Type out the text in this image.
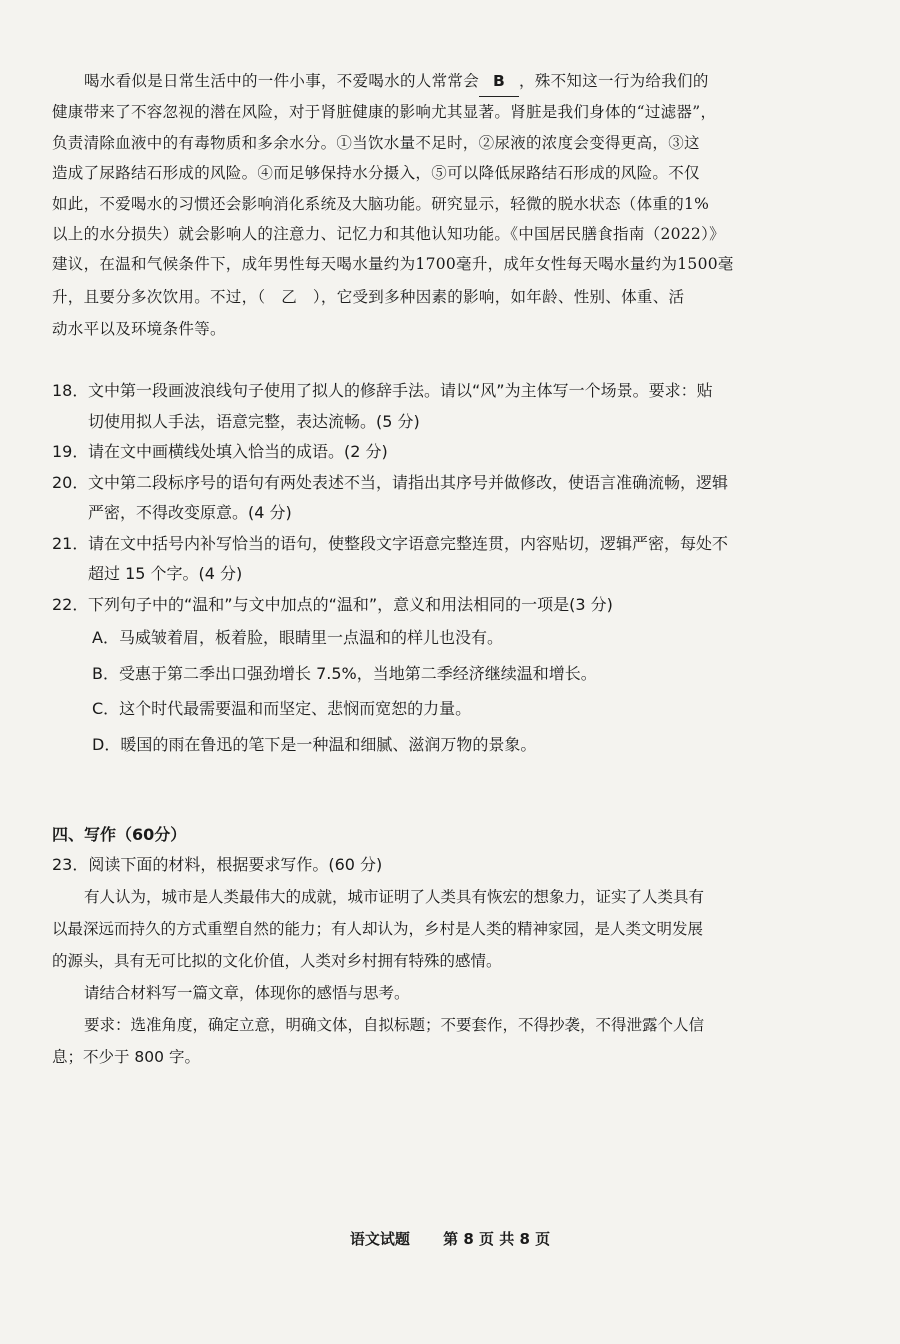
喝水看似是日常生活中的一件小事，不爱喝水的人常常会 B ，殊不知这一行为给我们的
健康带来了不容忽视的潜在风险，对于肾脏健康的影响尤其显著。肾脏是我们身体的“过滤器”，
负责清除血液中的有毒物质和多余水分。①当饮水量不足时，②尿液的浓度会变得更高，③这
造成了尿路结石形成的风险。④而足够保持水分摄入，⑤可以降低尿路结石形成的风险。不仅
如此，不爱喝水的习惯还会影响消化系统及大脑功能。研究显示，轻微的脱水状态（体重的1%
以上的水分损失）就会影响人的注意力、记忆力和其他认知功能。《中国居民膳食指南（2022）》
建议，在温和气候条件下，成年男性每天喝水量约为1700毫升，成年女性每天喝水量约为1500毫
升，且要分多次饮用。不过，（　乙　），它受到多种因素的影响，如年龄、性别、体重、活
动水平以及环境条件等。
18．文中第一段画波浪线句子使用了拟人的修辞手法。请以“风”为主体写一个场景。要求：贴
切使用拟人手法，语意完整，表达流畅。(5 分)
19．请在文中画横线处填入恰当的成语。(2 分)
20．文中第二段标序号的语句有两处表述不当，请指出其序号并做修改，使语言准确流畅，逻辑
严密，不得改变原意。(4 分)
21．请在文中括号内补写恰当的语句，使整段文字语意完整连贯，内容贴切，逻辑严密，每处不
超过 15 个字。(4 分)
22．下列句子中的“温和”与文中加点的“温和”，意义和用法相同的一项是(3 分)
A．马威皱着眉，板着脸，眼睛里一点温和的样儿也没有。
B．受惠于第二季出口强劲增长 7.5%，当地第二季经济继续温和增长。
C．这个时代最需要温和而坚定、悲悯而宽恕的力量。
D．暖国的雨在鲁迅的笔下是一种温和细腻、滋润万物的景象。
四、写作（60分）
23．阅读下面的材料，根据要求写作。(60 分)
有人认为，城市是人类最伟大的成就，城市证明了人类具有恢宏的想象力，证实了人类具有
以最深远而持久的方式重塑自然的能力；有人却认为，乡村是人类的精神家园，是人类文明发展
的源头，具有无可比拟的文化价值，人类对乡村拥有特殊的感情。
请结合材料写一篇文章，体现你的感悟与思考。
要求：选准角度，确定立意，明确文体，自拟标题；不要套作，不得抄袭，不得泄露个人信
息；不少于 800 字。
语文试题 第 8 页 共 8 页
